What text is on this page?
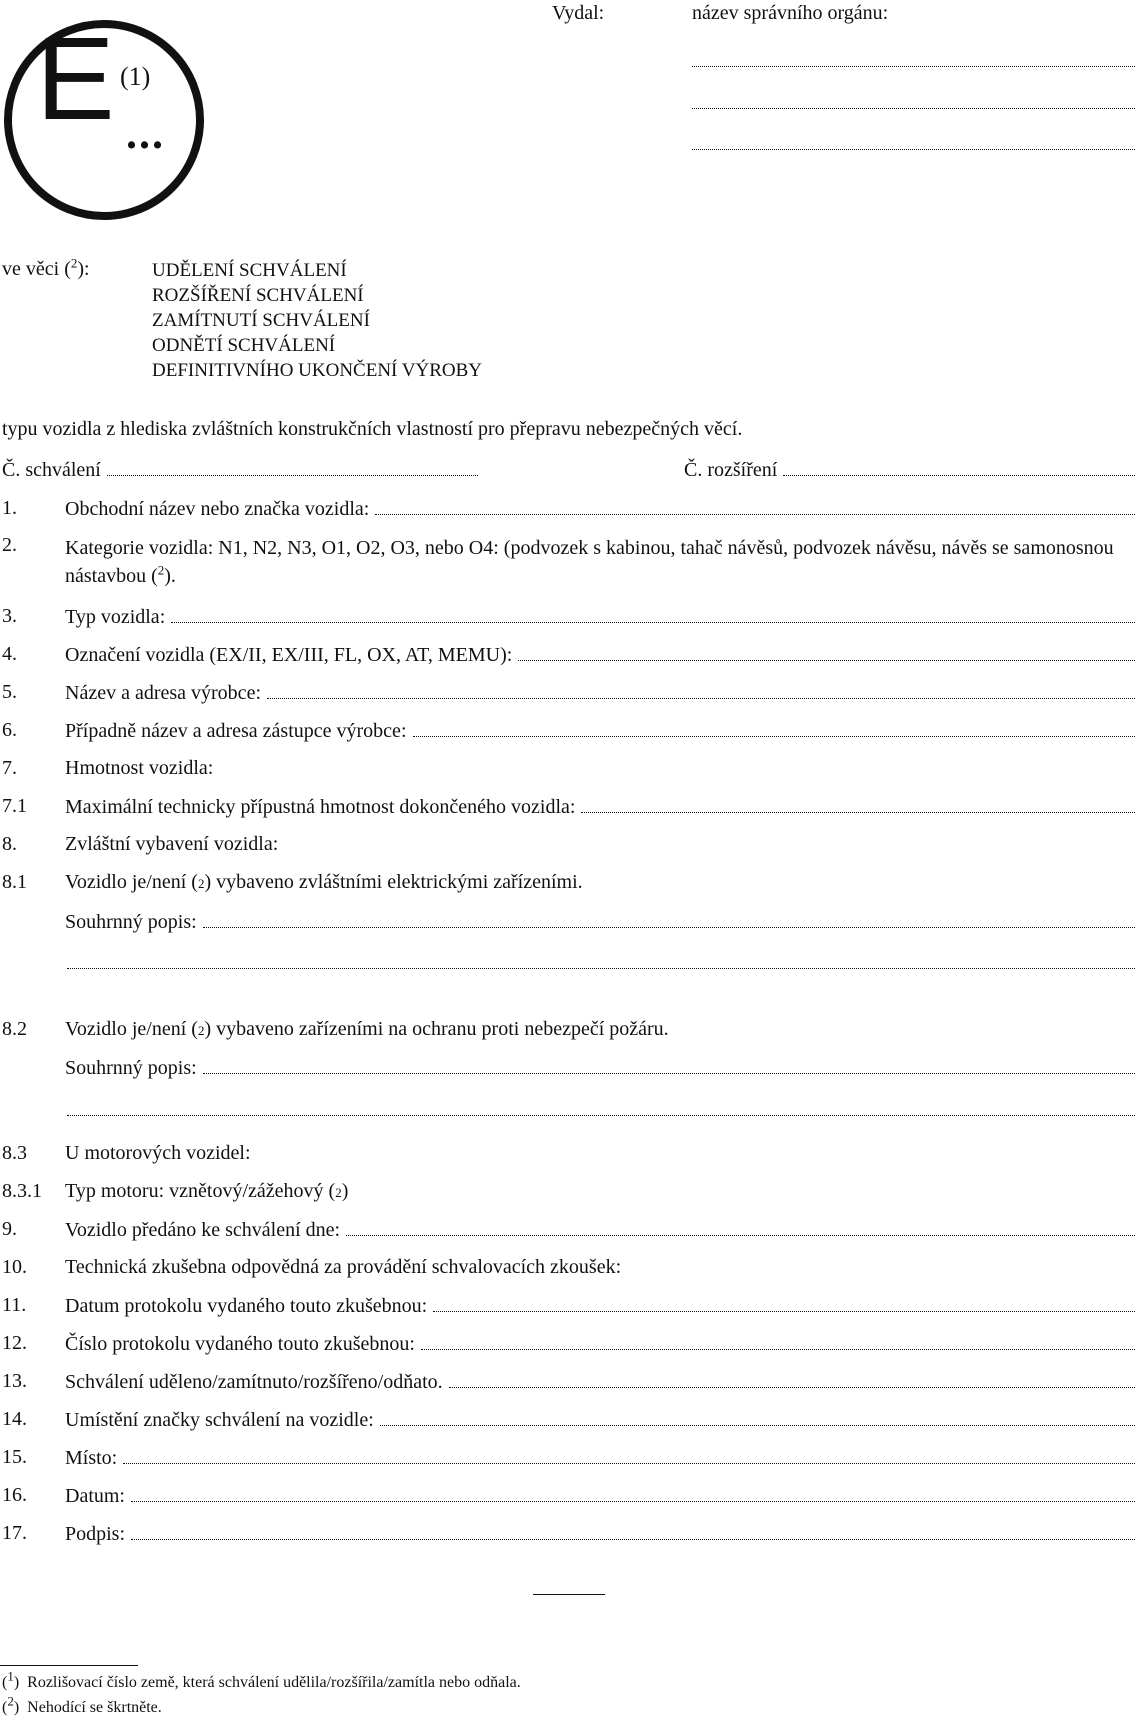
E (1)
...
Vydal:	název správního orgánu:
ve věci ($^2$):	UDĚLENÍ SCHVÁLENÍ
ROZŠÍŘENÍ SCHVÁLENÍ
ZAMÍTNUTÍ SCHVÁLENÍ
ODNĚTÍ SCHVÁLENÍ
DEFINITIVNÍHO UKONČENÍ VÝROBY
typu vozidla z hlediska zvláštních konstrukčních vlastností pro přepravu nebezpečných věcí.
Č. schválení	Č. rozšíření
1. Obchodní název nebo značka vozidla:
2. Kategorie vozidla: N1, N2, N3, O1, O2, O3, nebo O4: (podvozek s kabinou, tahač návěsů, podvozek návěsu, návěs se samonosnou nástavbou ($^2$).
3. Typ vozidla:
4. Označení vozidla (EX/II, EX/III, FL, OX, AT, MEMU):
5. Název a adresa výrobce:
6. Případně název a adresa zástupce výrobce:
7. Hmotnost vozidla:
7.1 Maximální technicky přípustná hmotnost dokončeného vozidla:
8. Zvláštní vybavení vozidla:
8.1 Vozidlo je/není ( 2 ) vybaveno zvláštními elektrickými zařízeními.
Souhrnný popis:
8.2 Vozidlo je/není ( 2 ) vybaveno zařízeními na ochranu proti nebezpečí požáru.
Souhrnný popis:
8.3 U motorových vozidel:
8.3.1 Typ motoru: vznětový/zážehový ( 2 )
9. Vozidlo předáno ke schválení dne:
10. Technická zkušebna odpovědná za provádění schvalovacích zkoušek:
11. Datum protokolu vydaného touto zkušebnou:
12. Číslo protokolu vydaného touto zkušebnou:
13. Schválení uděleno/zamítnuto/rozšířeno/odňato.
14. Umístění značky schválení na vozidle:
15. Místo:
16. Datum:
17. Podpis:
($^1$)  Rozlišovací číslo země, která schválení udělila/rozšířila/zamítla nebo odňala.
($^2$)  Nehodící se škrtněte.
